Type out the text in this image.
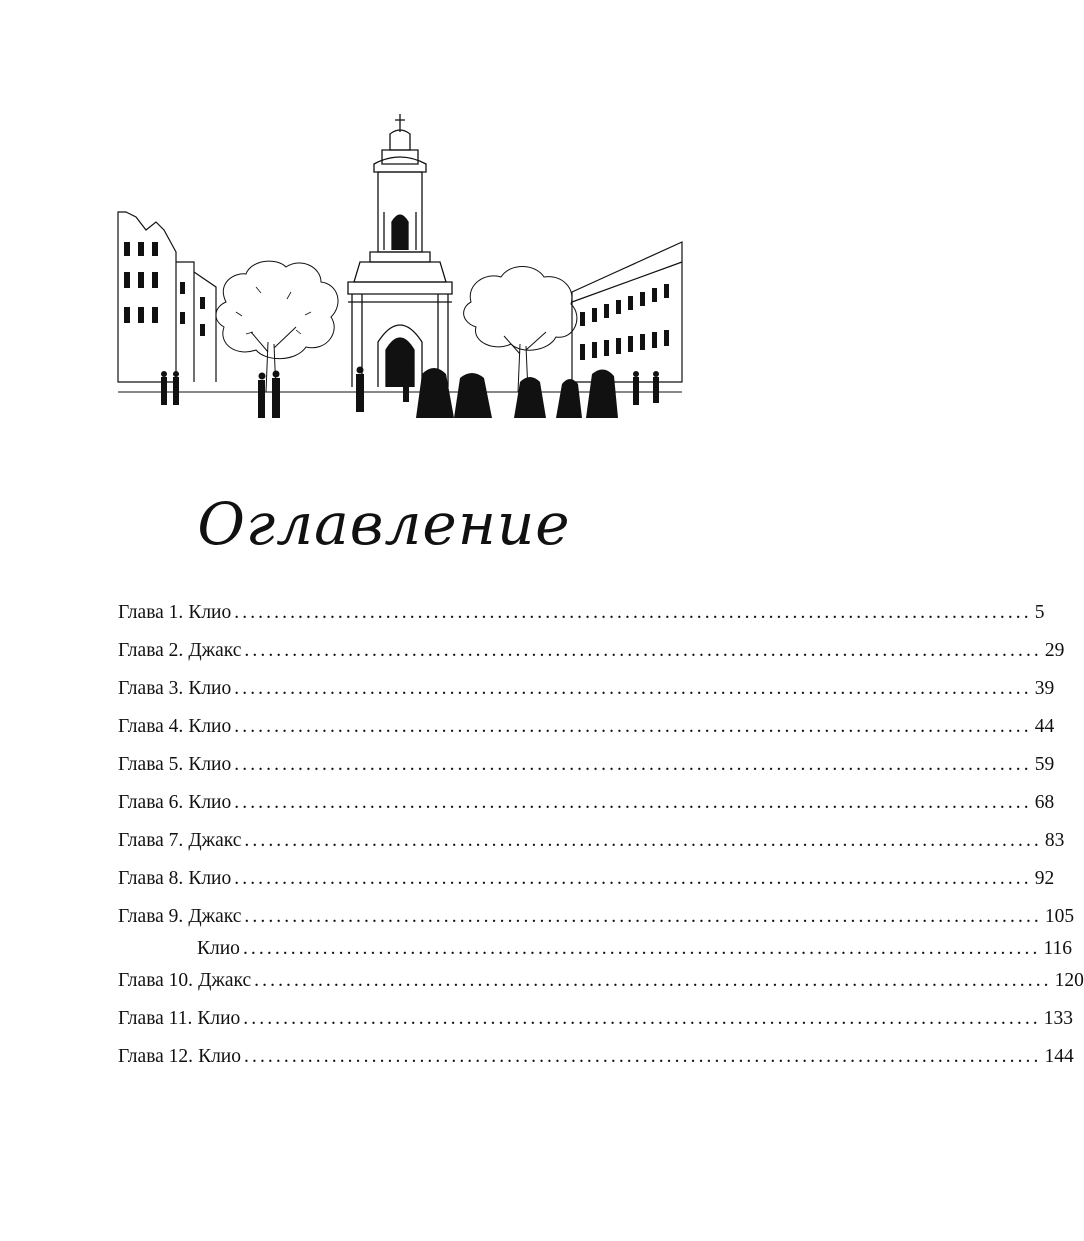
Оглавление
Глава 1. Клио .................................................................................................... 5
Глава 2. Джакс .................................................................................................... 29
Глава 3. Клио .................................................................................................... 39
Глава 4. Клио .................................................................................................... 44
Глава 5. Клио .................................................................................................... 59
Глава 6. Клио .................................................................................................... 68
Глава 7. Джакс .................................................................................................... 83
Глава 8. Клио .................................................................................................... 92
Глава 9. Джакс .................................................................................................... 105
Клио .................................................................................................... 116
Глава 10. Джакс .................................................................................................... 120
Глава 11. Клио .................................................................................................... 133
Глава 12. Клио .................................................................................................... 144
